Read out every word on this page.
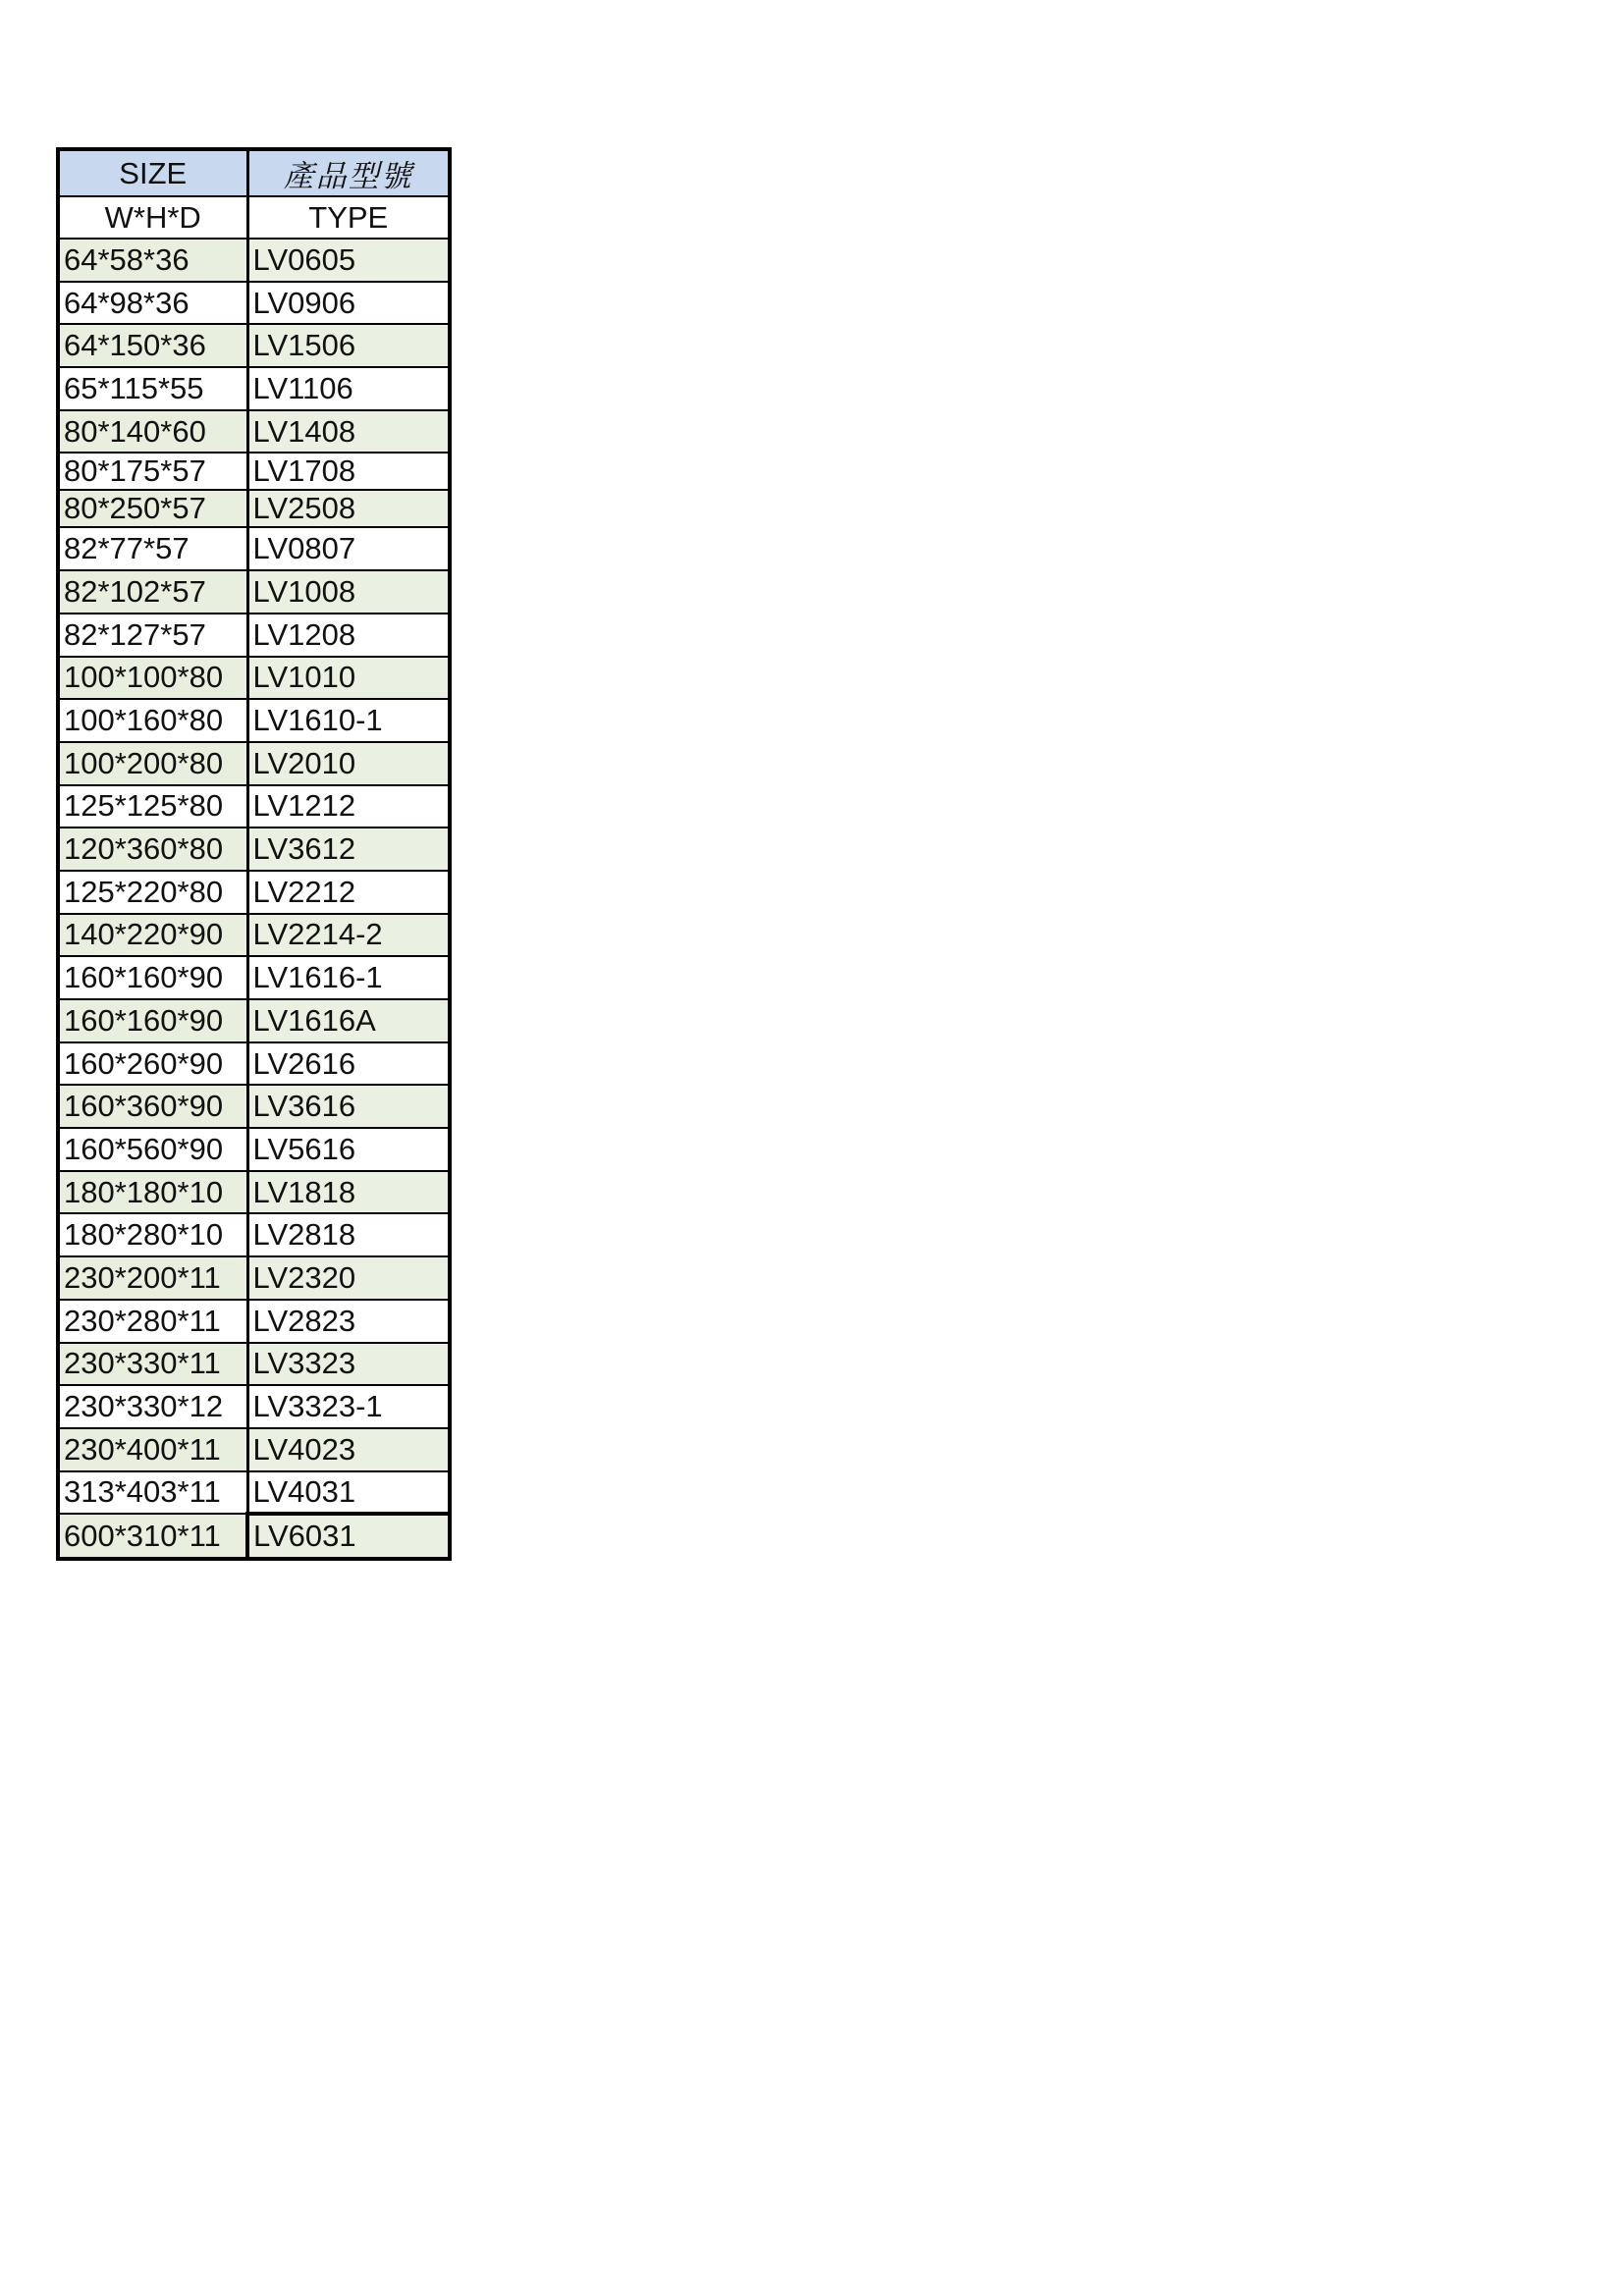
SIZE	產品型號
W*H*D	TYPE
64*58*36	LV0605
64*98*36	LV0906
64*150*36	LV1506
65*115*55	LV1106
80*140*60	LV1408
80*175*57	LV1708
80*250*57	LV2508
82*77*57	LV0807
82*102*57	LV1008
82*127*57	LV1208
100*100*80	LV1010
100*160*80	LV1610-1
100*200*80	LV2010
125*125*80	LV1212
120*360*80	LV3612
125*220*80	LV2212
140*220*90	LV2214-2
160*160*90	LV1616-1
160*160*90	LV1616A
160*260*90	LV2616
160*360*90	LV3616
160*560*90	LV5616
180*180*10	LV1818
180*280*10	LV2818
230*200*11	LV2320
230*280*11	LV2823
230*330*11	LV3323
230*330*12	LV3323-1
230*400*11	LV4023
313*403*11	LV4031
600*310*11	LV6031
